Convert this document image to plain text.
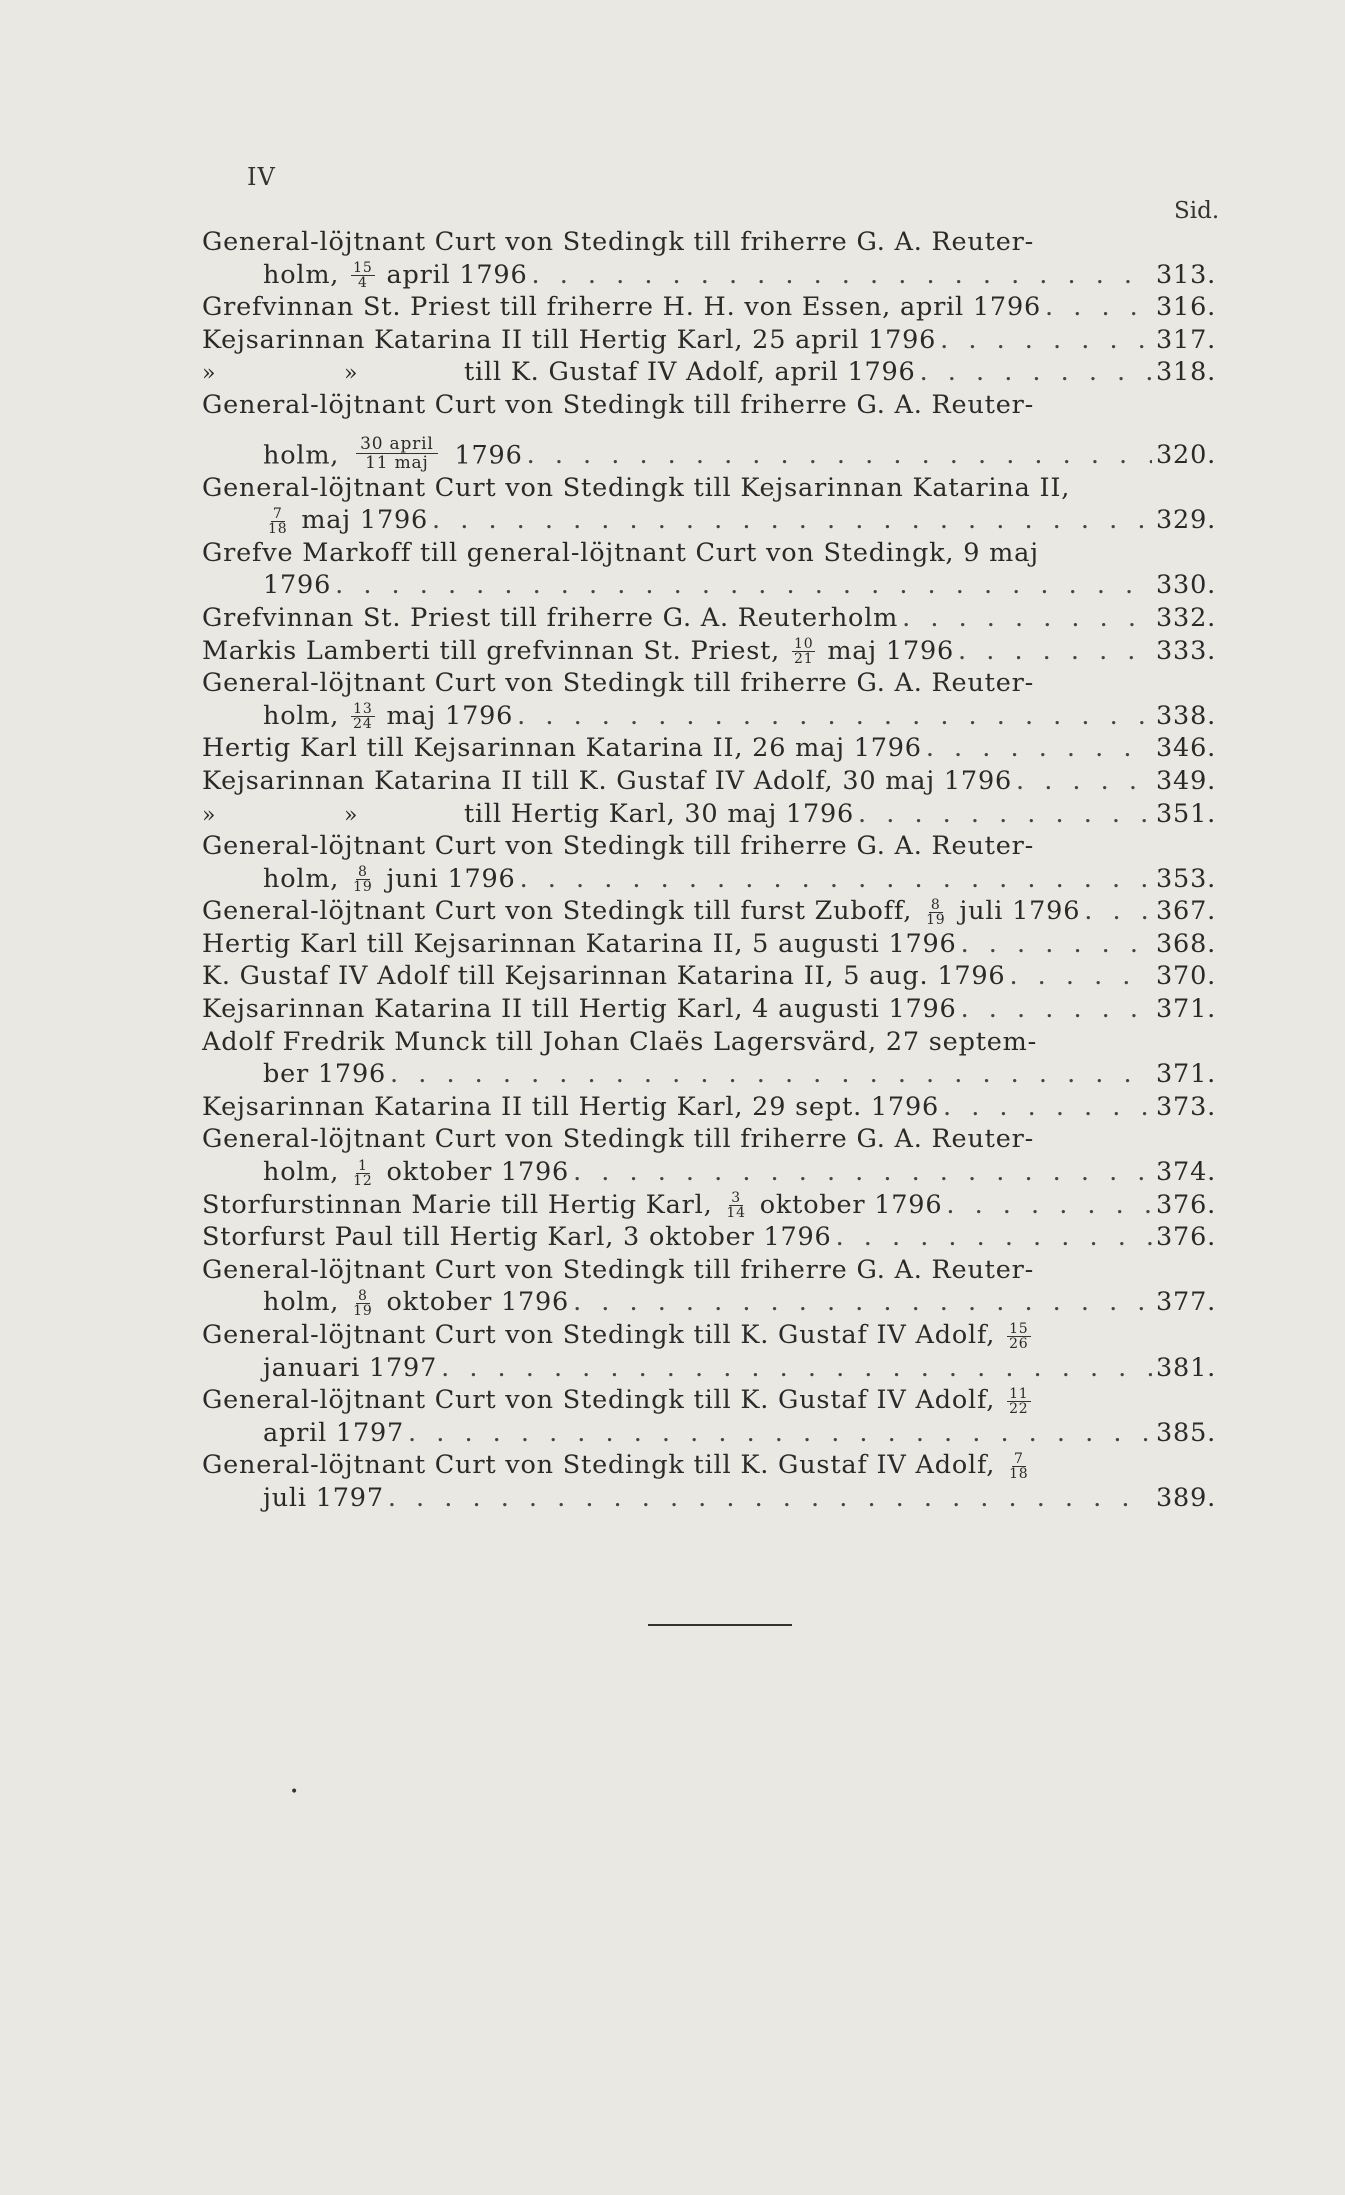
IV
Sid.
General-löjtnant Curt von Stedingk till friherre G. A. Reuter-
holm, $\frac{15}{4}$ april 1796 . . .	313.
Grefvinnan St. Priest till friherre H. H. von Essen, april 1796 . . .	316.
Kejsarinnan Katarina II till Hertig Karl, 25 april 1796 . . .	317.
»	»	till K. Gustaf IV Adolf, april 1796 . . .	318.
General-löjtnant Curt von Stedingk till friherre G. A. Reuter-
holm, $\frac{\text{30 april}}{\text{11 maj}} 1796$ . . .	320.
General-löjtnant Curt von Stedingk till Kejsarinnan Katarina II,
$\frac{7}{18}$ maj 1796 . . .	329.
Grefve Markoff till general-löjtnant Curt von Stedingk, 9 maj
1796 . . .	330.
Grefvinnan St. Priest till friherre G. A. Reuterholm . . .	332.
Markis Lamberti till grefvinnan St. Priest, $\frac{10}{21}$ maj 1796 . . .	333.
General-löjtnant Curt von Stedingk till friherre G. A. Reuter-
holm, $\frac{13}{24}$ maj 1796 . . .	338.
Hertig Karl till Kejsarinnan Katarina II, 26 maj 1796 . . .	346.
Kejsarinnan Katarina II till K. Gustaf IV Adolf, 30 maj 1796 . . .	349.
»	»	till Hertig Karl, 30 maj 1796 . . .	351.
General-löjtnant Curt von Stedingk till friherre G. A. Reuter-
holm, $\frac{8}{19}$ juni 1796 . . .	353.
General-löjtnant Curt von Stedingk till furst Zuboff, $\frac{8}{19}$ juli 1796 . . .	367.
Hertig Karl till Kejsarinnan Katarina II, 5 augusti 1796 . . .	368.
K. Gustaf IV Adolf till Kejsarinnan Katarina II, 5 aug. 1796 . . .	370.
Kejsarinnan Katarina II till Hertig Karl, 4 augusti 1796 . . .	371.
Adolf Fredrik Munck till Johan Claës Lagersvärd, 27 septem-
ber 1796 . . .	371.
Kejsarinnan Katarina II till Hertig Karl, 29 sept. 1796 . . .	373.
General-löjtnant Curt von Stedingk till friherre G. A. Reuter-
holm, $\frac{1}{12}$ oktober 1796 . . .	374.
Storfurstinnan Marie till Hertig Karl, $\frac{3}{14}$ oktober 1796 . . .	376.
Storfurst Paul till Hertig Karl, 3 oktober 1796 . . .	376.
General-löjtnant Curt von Stedingk till friherre G. A. Reuter-
holm, $\frac{8}{19}$ oktober 1796 . . .	377.
General-löjtnant Curt von Stedingk till K. Gustaf IV Adolf, $\frac{15}{26}$
januari 1797 . . .	381.
General-löjtnant Curt von Stedingk till K. Gustaf IV Adolf, $\frac{11}{22}$
april 1797 . . .	385.
General-löjtnant Curt von Stedingk till K. Gustaf IV Adolf, $\frac{7}{18}$
juli 1797 . . .	389.
•
